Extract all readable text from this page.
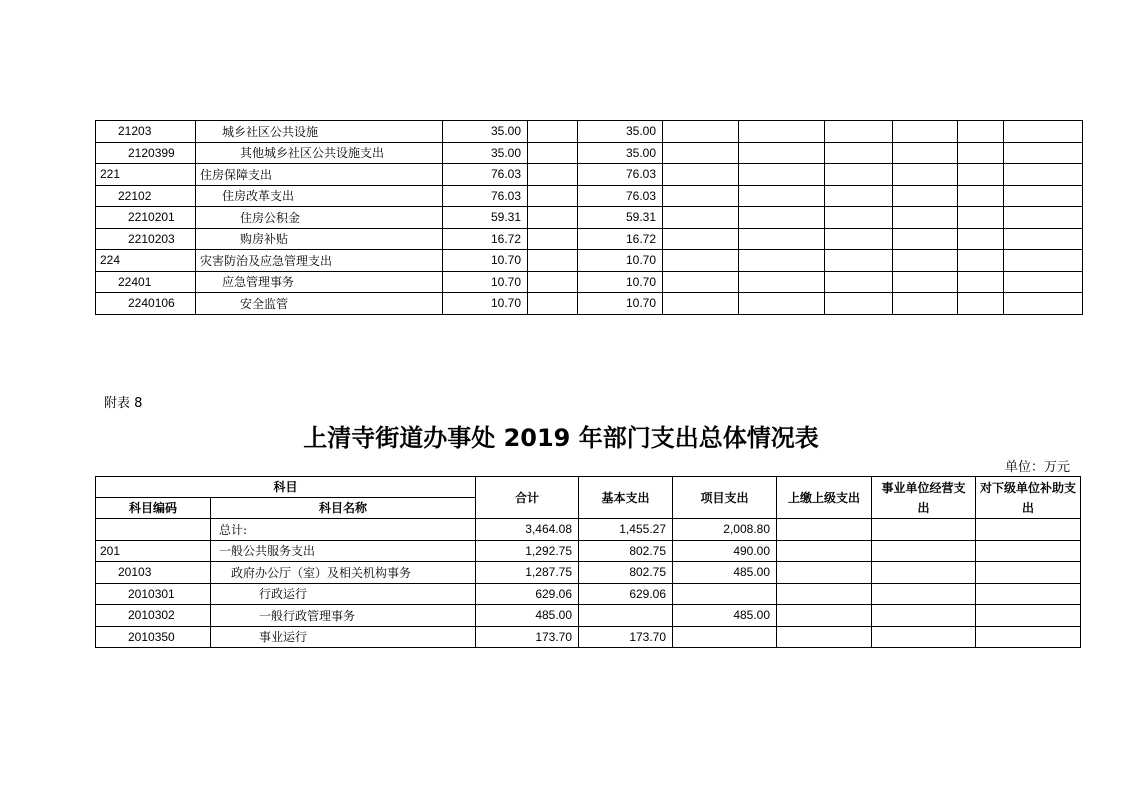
21203	城乡社区公共设施	35.00		35.00						
2120399	其他城乡社区公共设施支出	35.00		35.00						
221	住房保障支出	76.03		76.03						
22102	住房改革支出	76.03		76.03						
2210201	住房公积金	59.31		59.31						
2210203	购房补贴	16.72		16.72						
224	灾害防治及应急管理支出	10.70		10.70						
22401	应急管理事务	10.70		10.70						
2240106	安全监管	10.70		10.70						
附表 8
上清寺街道办事处 2019 年部门支出总体情况表
单位：万元
科目		合计	基本支出	项目支出	上缴上级支出	事业单位经营支出	对下级单位补助支出
科目编码	科目名称						
	总计:	3,464.08	1,455.27	2,008.80			
201	一般公共服务支出	1,292.75	802.75	490.00			
20103	政府办公厅（室）及相关机构事务	1,287.75	802.75	485.00			
2010301	行政运行	629.06	629.06				
2010302	一般行政管理事务	485.00		485.00			
2010350	事业运行	173.70	173.70				
